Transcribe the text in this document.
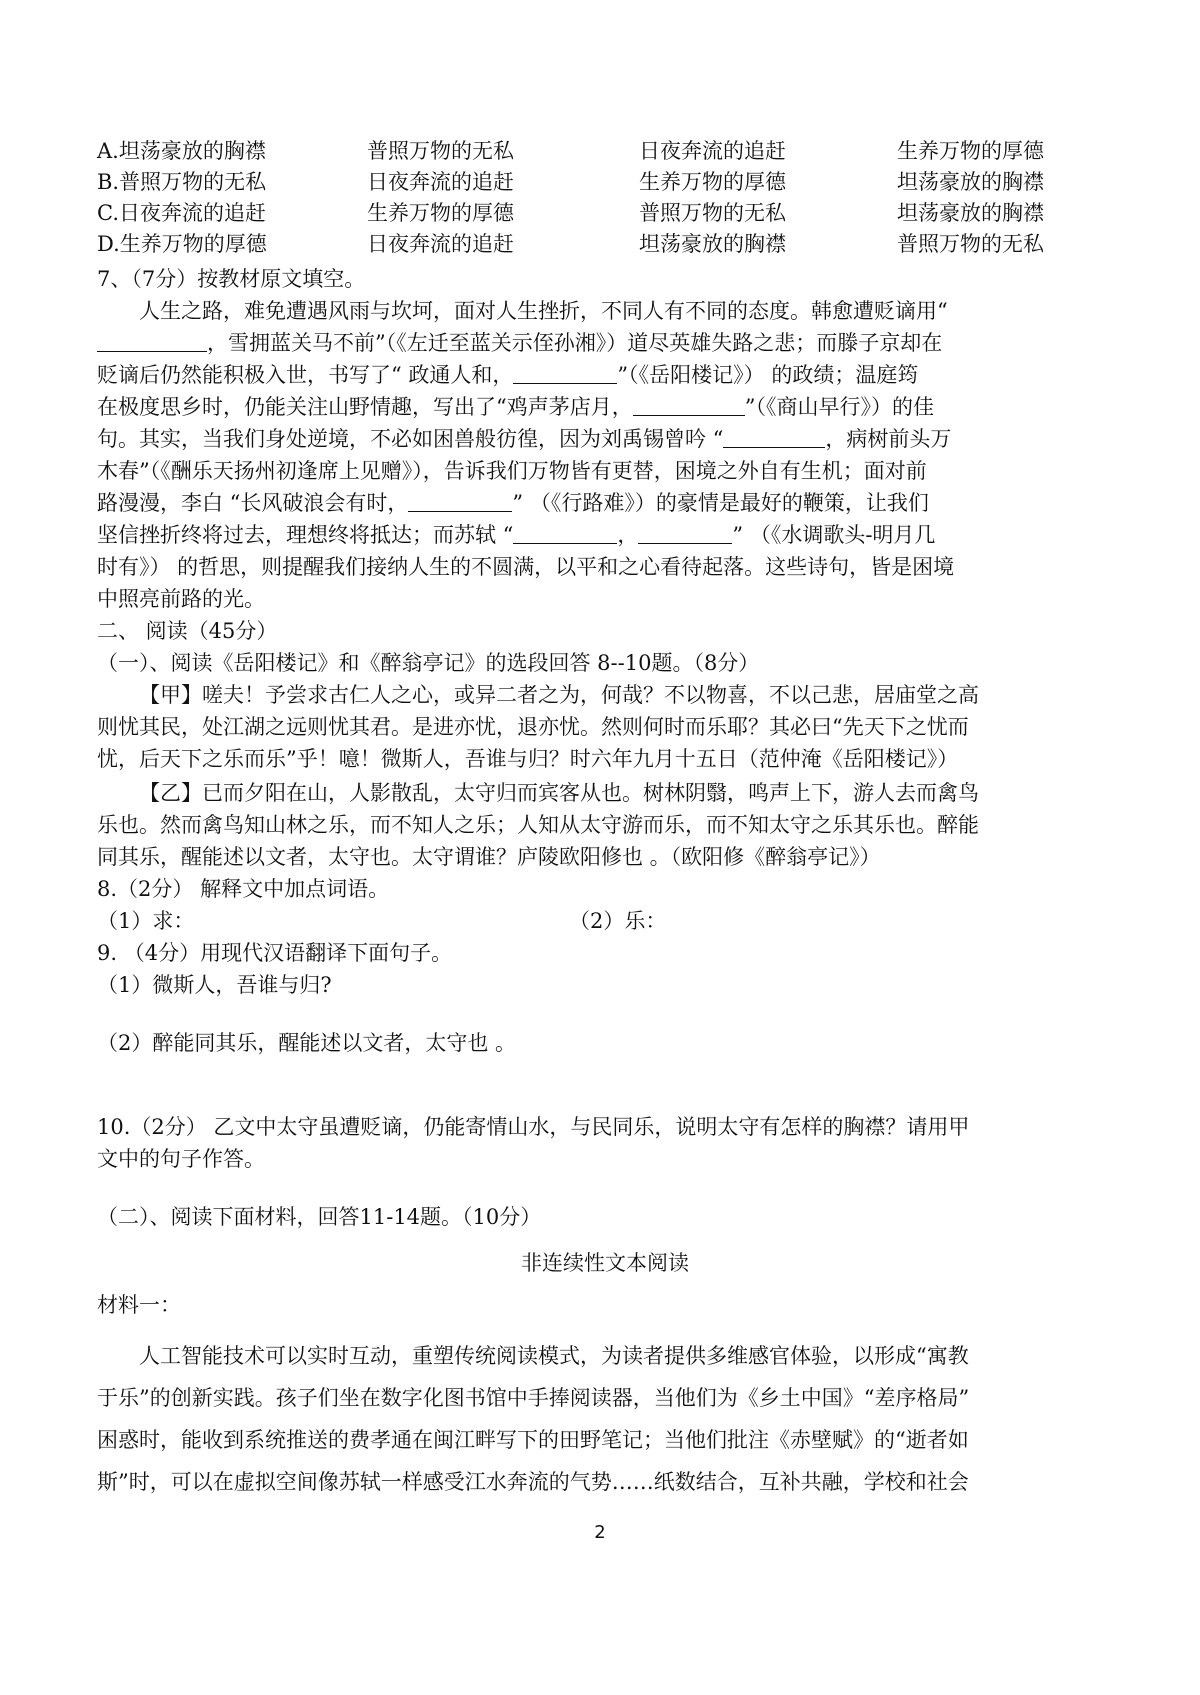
A.坦荡豪放的胸襟	普照万物的无私	日夜奔流的追赶	生养万物的厚德
B.普照万物的无私	日夜奔流的追赶	生养万物的厚德	坦荡豪放的胸襟
C.日夜奔流的追赶	生养万物的厚德	普照万物的无私	坦荡豪放的胸襟
D.生养万物的厚德	日夜奔流的追赶	坦荡豪放的胸襟	普照万物的无私
7、（7分）按教材原文填空。
人生之路，难免遭遇风雨与坎坷，面对人生挫折，不同人有不同的态度。韩愈遭贬谪用“
，雪拥蓝关马不前”（《左迁至蓝关示侄孙湘》）道尽英雄失路之悲；而滕子京却在
贬谪后仍然能积极入世，书写了“ 政通人和，	”（《岳阳楼记》） 的政绩；温庭筠
在极度思乡时，仍能关注山野情趣，写出了“鸡声茅店月，	”（《商山早行》）的佳
句。其实，当我们身处逆境，不必如困兽般彷徨，因为刘禹锡曾吟 “	，病树前头万
木春”（《酬乐天扬州初逢席上见赠》），告诉我们万物皆有更替，困境之外自有生机；面对前
路漫漫，李白 “长风破浪会有时，	” （《行路难》）的豪情是最好的鞭策，让我们
坚信挫折终将过去，理想终将抵达；而苏轼 “	，	” （《水调歌头-明月几
时有》） 的哲思，则提醒我们接纳人生的不圆满，以平和之心看待起落。这些诗句，皆是困境
中照亮前路的光。
二、 阅读（45分）
（一）、阅读《岳阳楼记》和《醉翁亭记》的选段回答 8--10题。（8分）
【甲】嗟夫！予尝求古仁人之心，或异二者之为，何哉？不以物喜，不以己悲，居庙堂之高
则忧其民，处江湖之远则忧其君。是进亦忧，退亦忧。然则何时而乐耶？其必曰“先天下之忧而
忧，后天下之乐而乐”乎！噫！微斯人，吾谁与归？时六年九月十五日（范仲淹《岳阳楼记》）
【乙】已而夕阳在山，人影散乱，太守归而宾客从也。树林阴翳，鸣声上下，游人去而禽鸟
乐也。然而禽鸟知山林之乐，而不知人之乐；人知从太守游而乐，而不知太守之乐其乐也。醉能
同其乐，醒能述以文者，太守也。太守谓谁？庐陵欧阳修也 。（欧阳修《醉翁亭记》）
8.（2分） 解释文中加点词语。
（1）求：	（2）乐：
9. （4分）用现代汉语翻译下面句子。
（1）微斯人，吾谁与归?
（2）醉能同其乐，醒能述以文者，太守也 。
10.（2分） 乙文中太守虽遭贬谪，仍能寄情山水，与民同乐，说明太守有怎样的胸襟？请用甲
文中的句子作答。
（二）、阅读下面材料，回答11-14题。（10分）
非连续性文本阅读
材料一：
人工智能技术可以实时互动，重塑传统阅读模式，为读者提供多维感官体验，以形成“寓教
于乐”的创新实践。孩子们坐在数字化图书馆中手捧阅读器，当他们为《乡土中国》“差序格局”
困惑时，能收到系统推送的费孝通在闽江畔写下的田野笔记；当他们批注《赤壁赋》的“逝者如
斯”时，可以在虚拟空间像苏轼一样感受江水奔流的气势……纸数结合，互补共融，学校和社会
2
